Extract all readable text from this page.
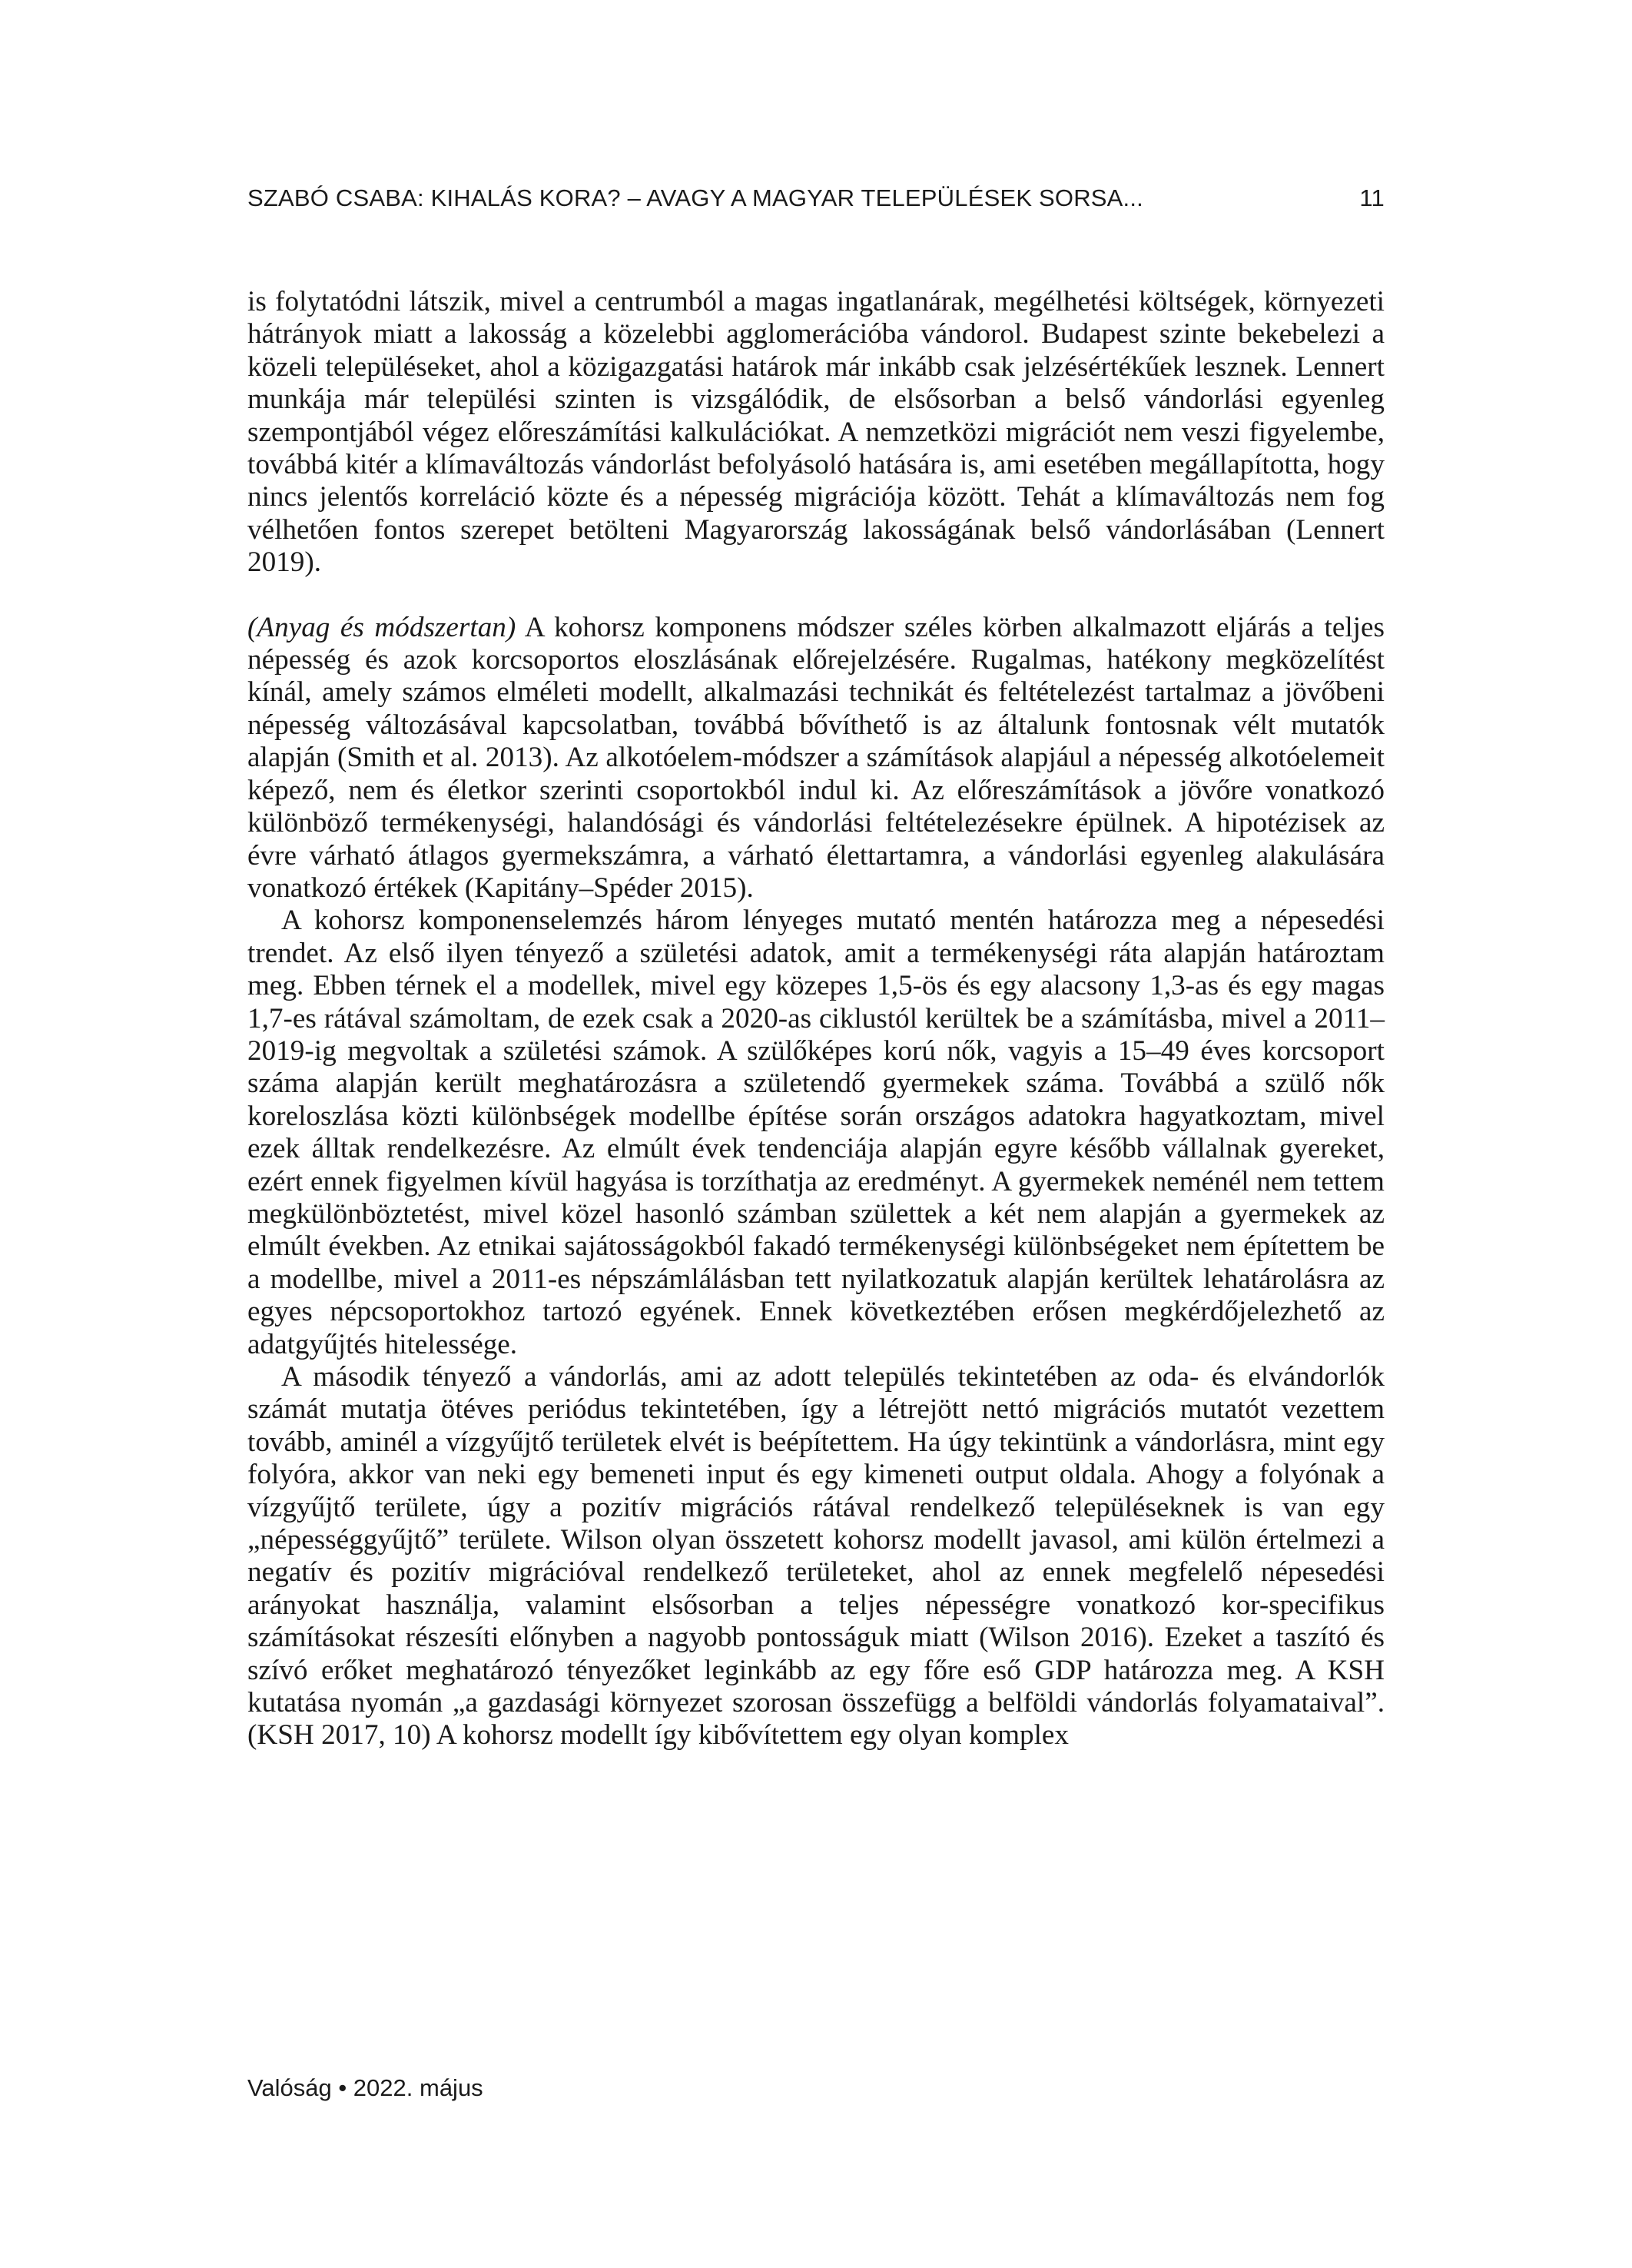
SZABÓ CSABA: KIHALÁS KORA? – AVAGY A MAGYAR TELEPÜLÉSEK SORSA...	11

is folytatódni látszik, mivel a centrumból a magas ingatlanárak, megélhetési költségek, környezeti hátrányok miatt a lakosság a közelebbi agglomerációba vándorol. Budapest szinte bekebelezi a közeli településeket, ahol a közigazgatási határok már inkább csak jelzésértékűek lesznek. Lennert munkája már települési szinten is vizsgálódik, de elsősorban a belső vándorlási egyenleg szempontjából végez előreszámítási kalkulációkat. A nemzetközi migrációt nem veszi figyelembe, továbbá kitér a klímaváltozás vándorlást befolyásoló hatására is, ami esetében megállapította, hogy nincs jelentős korreláció közte és a népesség migrációja között. Tehát a klímaváltozás nem fog vélhetően fontos szerepet betölteni Magyarország lakosságának belső vándorlásában (Lennert 2019).

(Anyag és módszertan) A kohorsz komponens módszer széles körben alkalmazott eljárás a teljes népesség és azok korcsoportos eloszlásának előrejelzésére. Rugalmas, hatékony megközelítést kínál, amely számos elméleti modellt, alkalmazási technikát és feltételezést tartalmaz a jövőbeni népesség változásával kapcsolatban, továbbá bővíthető is az általunk fontosnak vélt mutatók alapján (Smith et al. 2013). Az alkotóelem-módszer a számítások alapjául a népesség alkotóelemeit képező, nem és életkor szerinti csoportokból indul ki. Az előreszámítások a jövőre vonatkozó különböző termékenységi, halandósági és vándorlási feltételezésekre épülnek. A hipotézisek az évre várható átlagos gyermekszámra, a várható élettartamra, a vándorlási egyenleg alakulására vonatkozó értékek (Kapitány–Spéder 2015).

A kohorsz komponenselemzés három lényeges mutató mentén határozza meg a népesedési trendet. Az első ilyen tényező a születési adatok, amit a termékenységi ráta alapján határoztam meg. Ebben térnek el a modellek, mivel egy közepes 1,5-ös és egy alacsony 1,3-as és egy magas 1,7-es rátával számoltam, de ezek csak a 2020-as ciklustól kerültek be a számításba, mivel a 2011–2019-ig megvoltak a születési számok. A szülőképes korú nők, vagyis a 15–49 éves korcsoport száma alapján került meghatározásra a születendő gyermekek száma. Továbbá a szülő nők koreloszlása közti különbségek modellbe építése során országos adatokra hagyatkoztam, mivel ezek álltak rendelkezésre. Az elmúlt évek tendenciája alapján egyre később vállalnak gyereket, ezért ennek figyelmen kívül hagyása is torzíthatja az eredményt. A gyermekek neménél nem tettem megkülönböztetést, mivel közel hasonló számban születtek a két nem alapján a gyermekek az elmúlt években. Az etnikai sajátosságokból fakadó termékenységi különbségeket nem építettem be a modellbe, mivel a 2011-es népszámlálásban tett nyilatkozatuk alapján kerültek lehatárolásra az egyes népcsoportokhoz tartozó egyének. Ennek következtében erősen megkérdőjelezhető az adatgyűjtés hitelessége.

A második tényező a vándorlás, ami az adott település tekintetében az oda- és elvándorlók számát mutatja ötéves periódus tekintetében, így a létrejött nettó migrációs mutatót vezettem tovább, aminél a vízgyűjtő területek elvét is beépítettem. Ha úgy tekintünk a vándorlásra, mint egy folyóra, akkor van neki egy bemeneti input és egy kimeneti output oldala. Ahogy a folyónak a vízgyűjtő területe, úgy a pozitív migrációs rátával rendelkező településeknek is van egy „népességgyűjtő” területe. Wilson olyan összetett kohorsz modellt javasol, ami külön értelmezi a negatív és pozitív migrációval rendelkező területeket, ahol az ennek megfelelő népesedési arányokat használja, valamint elsősorban a teljes népességre vonatkozó kor-specifikus számításokat részesíti előnyben a nagyobb pontosságuk miatt (Wilson 2016). Ezeket a taszító és szívó erőket meghatározó tényezőket leginkább az egy főre eső GDP határozza meg. A KSH kutatása nyomán „a gazdasági környezet szorosan összefügg a belföldi vándorlás folyamataival”. (KSH 2017, 10) A kohorsz modellt így kibővítettem egy olyan komplex

Valóság • 2022. május
